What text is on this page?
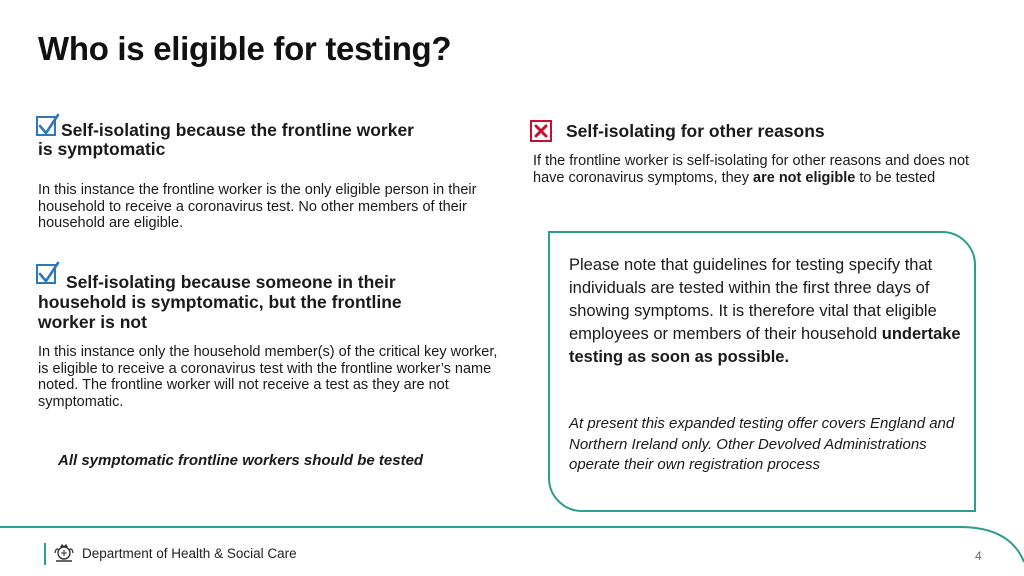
Who is eligible for testing?

Self-isolating because the frontline worker

is symptomatic

In this instance the frontline worker is the only eligible person in their household to receive a coronavirus test. No other members of their household are eligible.

Self-isolating because someone in their

household is symptomatic, but the frontline

worker is not

In this instance only the household member(s) of the critical key worker, is eligible to receive a coronavirus test with the frontline worker’s name noted. The frontline worker will not receive a test as they are not symptomatic.

All symptomatic frontline workers should be tested

Self-isolating for other reasons

If the frontline worker is self-isolating for other reasons and does not have coronavirus symptoms, they are not eligible to be tested

Please note that guidelines for testing specify that individuals are tested within the first three days of showing symptoms. It is therefore vital that eligible employees or members of their household undertake testing as soon as possible.

At present this expanded testing offer covers England and Northern Ireland only. Other Devolved Administrations operate their own registration process

Department of Health & Social Care	4
